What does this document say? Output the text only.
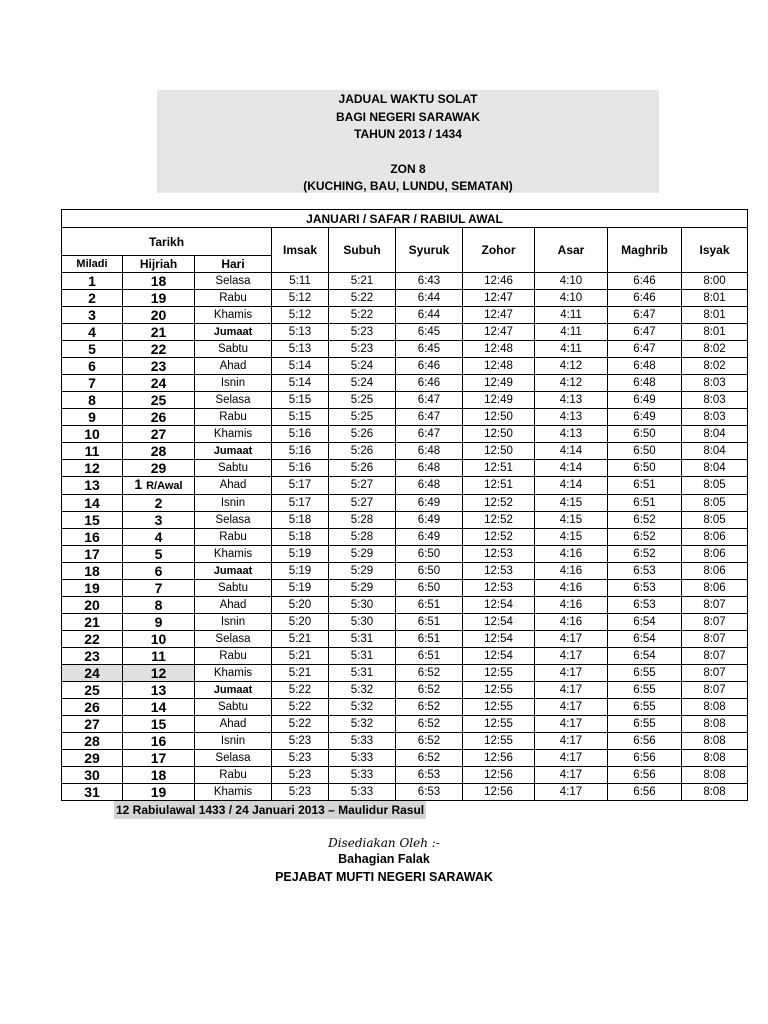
JADUAL WAKTU SOLAT
BAGI NEGERI SARAWAK
TAHUN 2013 / 1434
ZON 8
(KUCHING, BAU, LUNDU, SEMATAN)
JANUARI / SAFAR / RABIUL AWAL									
Tarikh			Imsak	Subuh	Syuruk	Zohor	Asar	Maghrib	Isyak
Miladi	Hijriah	Hari							
1	18	Selasa	5:11	5:21	6:43	12:46	4:10	6:46	8:00
2	19	Rabu	5:12	5:22	6:44	12:47	4:10	6:46	8:01
3	20	Khamis	5:12	5:22	6:44	12:47	4:11	6:47	8:01
4	21	Jumaat	5:13	5:23	6:45	12:47	4:11	6:47	8:01
5	22	Sabtu	5:13	5:23	6:45	12:48	4:11	6:47	8:02
6	23	Ahad	5:14	5:24	6:46	12:48	4:12	6:48	8:02
7	24	Isnin	5:14	5:24	6:46	12:49	4:12	6:48	8:03
8	25	Selasa	5:15	5:25	6:47	12:49	4:13	6:49	8:03
9	26	Rabu	5:15	5:25	6:47	12:50	4:13	6:49	8:03
10	27	Khamis	5:16	5:26	6:47	12:50	4:13	6:50	8:04
11	28	Jumaat	5:16	5:26	6:48	12:50	4:14	6:50	8:04
12	29	Sabtu	5:16	5:26	6:48	12:51	4:14	6:50	8:04
13	1 R/Awal	Ahad	5:17	5:27	6:48	12:51	4:14	6:51	8:05
14	2	Isnin	5:17	5:27	6:49	12:52	4:15	6:51	8:05
15	3	Selasa	5:18	5:28	6:49	12:52	4:15	6:52	8:05
16	4	Rabu	5:18	5:28	6:49	12:52	4:15	6:52	8:06
17	5	Khamis	5:19	5:29	6:50	12:53	4:16	6:52	8:06
18	6	Jumaat	5:19	5:29	6:50	12:53	4:16	6:53	8:06
19	7	Sabtu	5:19	5:29	6:50	12:53	4:16	6:53	8:06
20	8	Ahad	5:20	5:30	6:51	12:54	4:16	6:53	8:07
21	9	Isnin	5:20	5:30	6:51	12:54	4:16	6:54	8:07
22	10	Selasa	5:21	5:31	6:51	12:54	4:17	6:54	8:07
23	11	Rabu	5:21	5:31	6:51	12:54	4:17	6:54	8:07
24	12	Khamis	5:21	5:31	6:52	12:55	4:17	6:55	8:07
25	13	Jumaat	5:22	5:32	6:52	12:55	4:17	6:55	8:07
26	14	Sabtu	5:22	5:32	6:52	12:55	4:17	6:55	8:08
27	15	Ahad	5:22	5:32	6:52	12:55	4:17	6:55	8:08
28	16	Isnin	5:23	5:33	6:52	12:55	4:17	6:56	8:08
29	17	Selasa	5:23	5:33	6:52	12:56	4:17	6:56	8:08
30	18	Rabu	5:23	5:33	6:53	12:56	4:17	6:56	8:08
31	19	Khamis	5:23	5:33	6:53	12:56	4:17	6:56	8:08
12 Rabiulawal 1433 / 24 Januari 2013 – Maulidur Rasul
Disediakan Oleh :-
Bahagian Falak
PEJABAT MUFTI NEGERI SARAWAK
